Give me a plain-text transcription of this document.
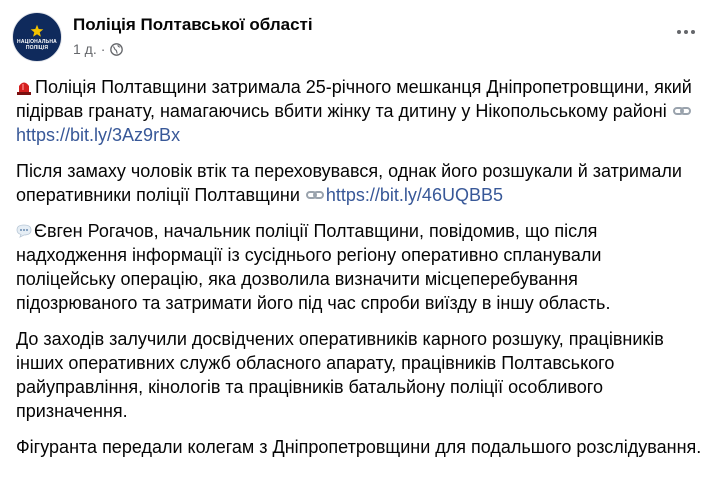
НАЦІОНАЛЬНА ПОЛІЦІЯ
Поліція Полтавської області
1 д. ·

Поліція Полтавщини затримала 25-річного мешканця Дніпропетровщини, який підірвав гранату, намагаючись вбити жінку та дитину у Нікопольському районіhttps://bit.ly/3Az9rBx

Після замаху чоловік втік та переховувався, однак його розшукали й затримали оперативники поліції Полтавщини https://bit.ly/46UQBB5

Євген Рогачов, начальник поліції Полтавщини, повідомив, що після надходження інформації із сусіднього регіону оперативно спланували поліцейську операцію, яка дозволила визначити місцеперебування підозрюваного та затримати його під час спроби виїзду в іншу область.

До заходів залучили досвідчених оперативників карного розшуку, працівників інших оперативних служб обласного апарату, працівників Полтавського райуправління, кінологів та працівників батальйону поліції особливого призначення.

Фігуранта передали колегам з Дніпропетровщини для подальшого розслідування.
